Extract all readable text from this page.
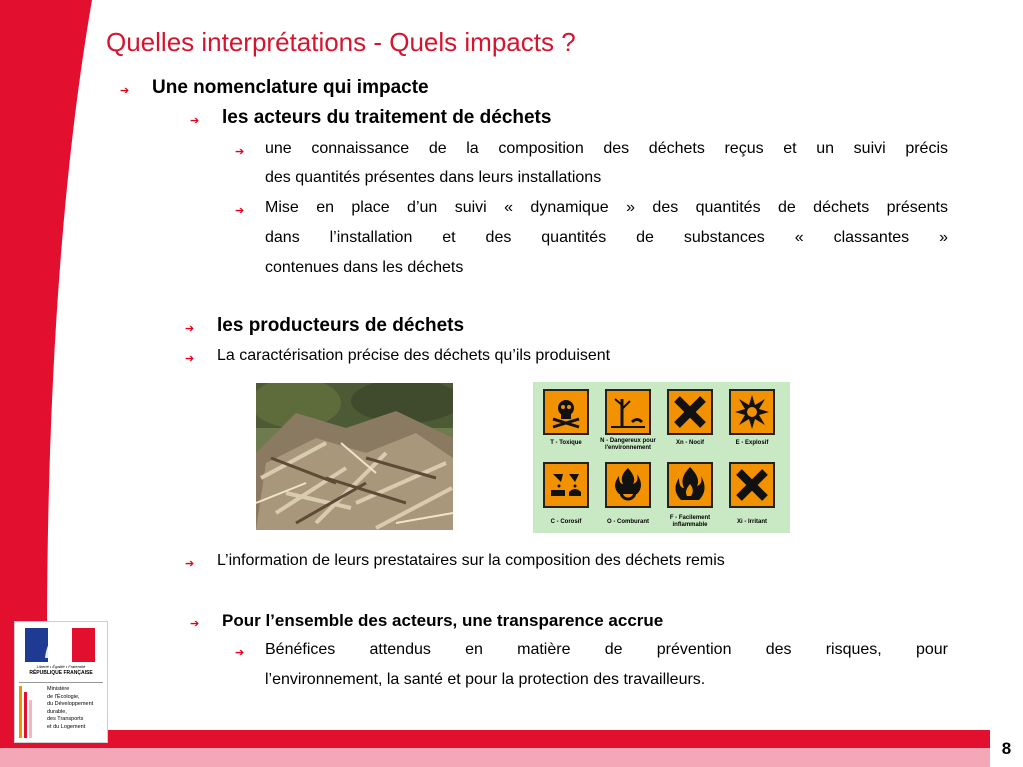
8
Quelles interprétations - Quels impacts ?
➔ Une nomenclature qui impacte
➔ les acteurs du traitement de déchets
➔ une connaissance de la composition des déchets reçus et un suivi précis
des quantités présentes dans leurs installations
➔ Mise en place d’un suivi « dynamique » des quantités de déchets présents
dans l’installation et des quantités de substances « classantes »
contenues dans les déchets
➔ les producteurs de déchets
➔ La caractérisation précise des déchets qu’ils produisent
T - Toxique	N - Dangereux pour l'environnement
Xn - Nocif	E - Explosif
C - Corosif	O - Comburant
F - Facilement inflammable	Xi - Irritant
➔ L’information de leurs prestataires sur la composition des déchets remis
➔ Pour l’ensemble des acteurs, une transparence accrue
➔ Bénéfices attendus en matière de prévention des risques, pour
l’environnement, la santé et pour la protection des travailleurs.
Liberté • Égalité • Fraternité
RÉPUBLIQUE FRANÇAISE
Ministère
de l'Écologie,
du Développement
durable,
des Transports
et du Logement
